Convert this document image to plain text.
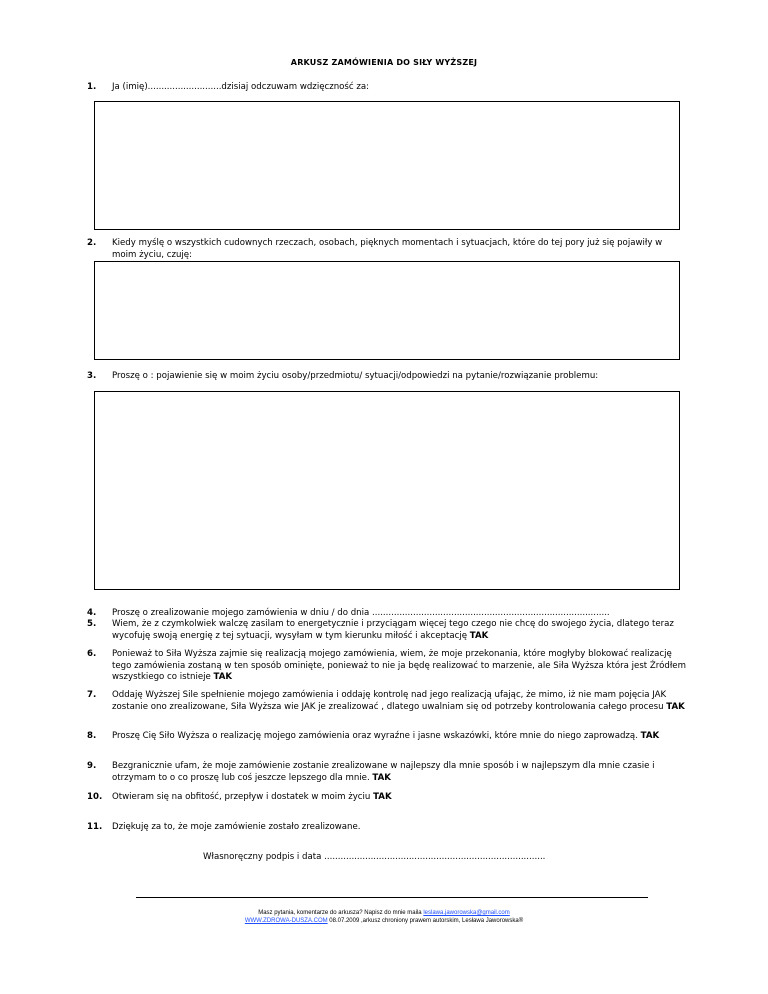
ARKUSZ ZAMÓWIENIA DO SIŁY WYŻSZEJ
1.	Ja (imię)...........................dzisiaj odczuwam wdzięczność za:
2.	Kiedy myślę o wszystkich cudownych rzeczach, osobach, pięknych momentach i sytuacjach, które do tej pory już się pojawiły w moim życiu, czuję:
3.	Proszę o : pojawienie się w moim życiu osoby/przedmiotu/ sytuacji/odpowiedzi na pytanie/rozwiązanie problemu:
4.	Proszę o zrealizowanie mojego zamówienia w dniu / do dnia .......................................................................................
5.	Wiem, że z czymkolwiek walczę zasilam to energetycznie i przyciągam więcej tego czego nie chcę do swojego życia, dlatego teraz wycofuję swoją energię z tej sytuacji, wysyłam w tym kierunku miłość i akceptację TAK
6.	Ponieważ to Siła Wyższa zajmie się realizacją mojego zamówienia, wiem, że moje przekonania, które mogłyby blokować realizację tego zamówienia zostaną w ten sposób ominięte, ponieważ to nie ja będę realizować to marzenie, ale Siła Wyższa która jest Źródłem wszystkiego co istnieje TAK
7.	Oddaję Wyższej Sile spełnienie mojego zamówienia i oddaję kontrolę nad jego realizacją ufając, że mimo, iż nie mam pojęcia JAK zostanie ono zrealizowane, Siła Wyższa wie JAK je zrealizować , dlatego uwalniam się od potrzeby kontrolowania całego procesu TAK
8.	Proszę Cię Siło Wyższa o realizację mojego zamówienia oraz wyraźne i jasne wskazówki, które mnie do niego zaprowadzą. TAK
9.	Bezgranicznie ufam, że moje zamówienie zostanie zrealizowane w najlepszy dla mnie sposób i w najlepszym dla mnie czasie i otrzymam to o co proszę lub coś jeszcze lepszego dla mnie. TAK
10.	Otwieram się na obfitość, przepływ i dostatek w moim życiu TAK
11.	Dziękuję za to, że moje zamówienie zostało zrealizowane.
Własnoręczny podpis i data .................................................................................
Masz pytania, komentarze do arkusza? Napisz do mnie maila leslawa.jaworowska@gmail.com
WWW.ZDROWA-DUSZA.COM 08.07.2009 ,arkusz chroniony prawem autorskim, Lesława Jaworowska®
